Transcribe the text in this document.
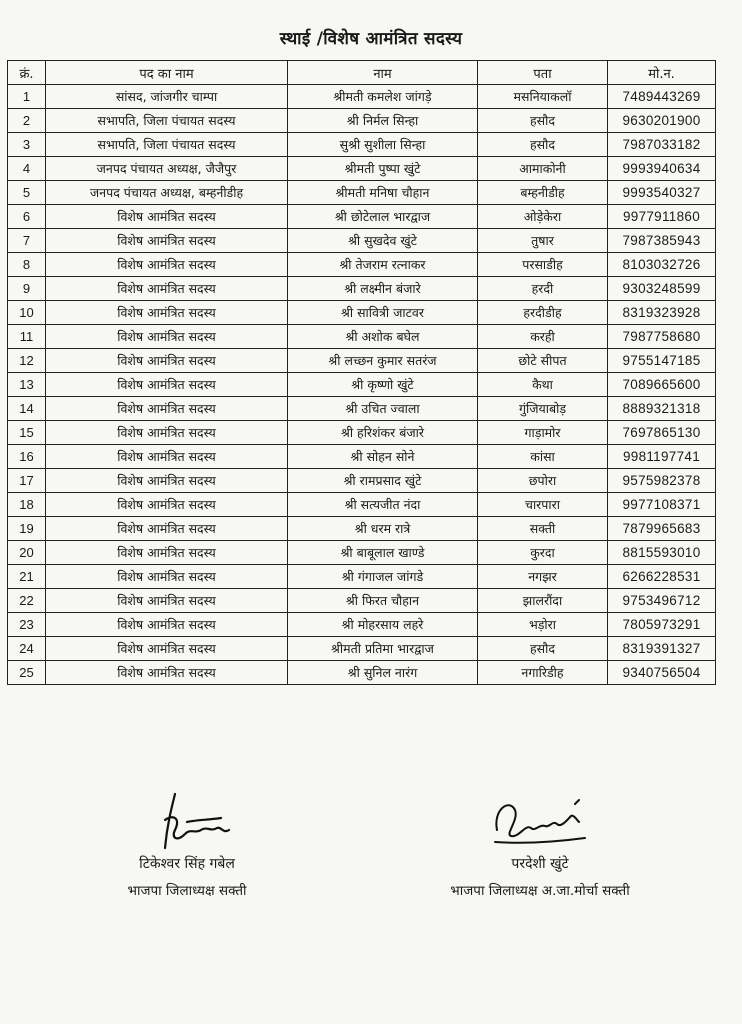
स्थाई /विशेष आमंत्रित सदस्य
क्रं.	पद का नाम	नाम	पता	मो.न.
1	सांसद, जांजगीर चाम्पा	श्रीमती कमलेश जांगड़े	मसनियाकलॉ	7489443269
2	सभापति, जिला पंचायत सदस्य	श्री निर्मल सिन्हा	हसौद	9630201900
3	सभापति, जिला पंचायत सदस्य	सुश्री सुशीला सिन्हा	हसौद	7987033182
4	जनपद पंचायत अध्यक्ष, जैजैपुर	श्रीमती पुष्पा खुंटे	आमाकोनी	9993940634
5	जनपद पंचायत अध्यक्ष, बम्हनीडीह	श्रीमती मनिषा चौहान	बम्हनीडीह	9993540327
6	विशेष आमंत्रित सदस्य	श्री छोटेलाल भारद्वाज	ओड़ेकेरा	9977911860
7	विशेष आमंत्रित सदस्य	श्री सुखदेव खुंटे	तुषार	7987385943
8	विशेष आमंत्रित सदस्य	श्री तेजराम रत्नाकर	परसाडीह	8103032726
9	विशेष आमंत्रित सदस्य	श्री लक्ष्मीन बंजारे	हरदी	9303248599
10	विशेष आमंत्रित सदस्य	श्री सावित्री जाटवर	हरदीडीह	8319323928
11	विशेष आमंत्रित सदस्य	श्री अशोक बघेल	करही	7987758680
12	विशेष आमंत्रित सदस्य	श्री लच्छन कुमार सतरंज	छोटे सीपत	9755147185
13	विशेष आमंत्रित सदस्य	श्री कृष्णो खुंटे	कैथा	7089665600
14	विशेष आमंत्रित सदस्य	श्री उचित ज्वाला	गुंजियाबोड़	8889321318
15	विशेष आमंत्रित सदस्य	श्री हरिशंकर बंजारे	गाड़ामोर	7697865130
16	विशेष आमंत्रित सदस्य	श्री सोहन सोने	कांसा	9981197741
17	विशेष आमंत्रित सदस्य	श्री रामप्रसाद खुंटे	छपोरा	9575982378
18	विशेष आमंत्रित सदस्य	श्री सत्यजीत नंदा	चारपारा	9977108371
19	विशेष आमंत्रित सदस्य	श्री धरम रात्रे	सक्ती	7879965683
20	विशेष आमंत्रित सदस्य	श्री बाबूलाल खाण्डे	कुरदा	8815593010
21	विशेष आमंत्रित सदस्य	श्री गंगाजल जांगडे	नगझर	6266228531
22	विशेष आमंत्रित सदस्य	श्री फिरत चौहान	झालरौंदा	9753496712
23	विशेष आमंत्रित सदस्य	श्री मोहरसाय लहरे	भड़ोरा	7805973291
24	विशेष आमंत्रित सदस्य	श्रीमती प्रतिमा भारद्वाज	हसौद	8319391327
25	विशेष आमंत्रित सदस्य	श्री सुनिल नारंग	नगारिडीह	9340756504
टिकेश्वर सिंह गबेल
भाजपा जिलाध्यक्ष सक्ती
परदेशी खुंटे
भाजपा जिलाध्यक्ष अ.जा.मोर्चा सक्ती
